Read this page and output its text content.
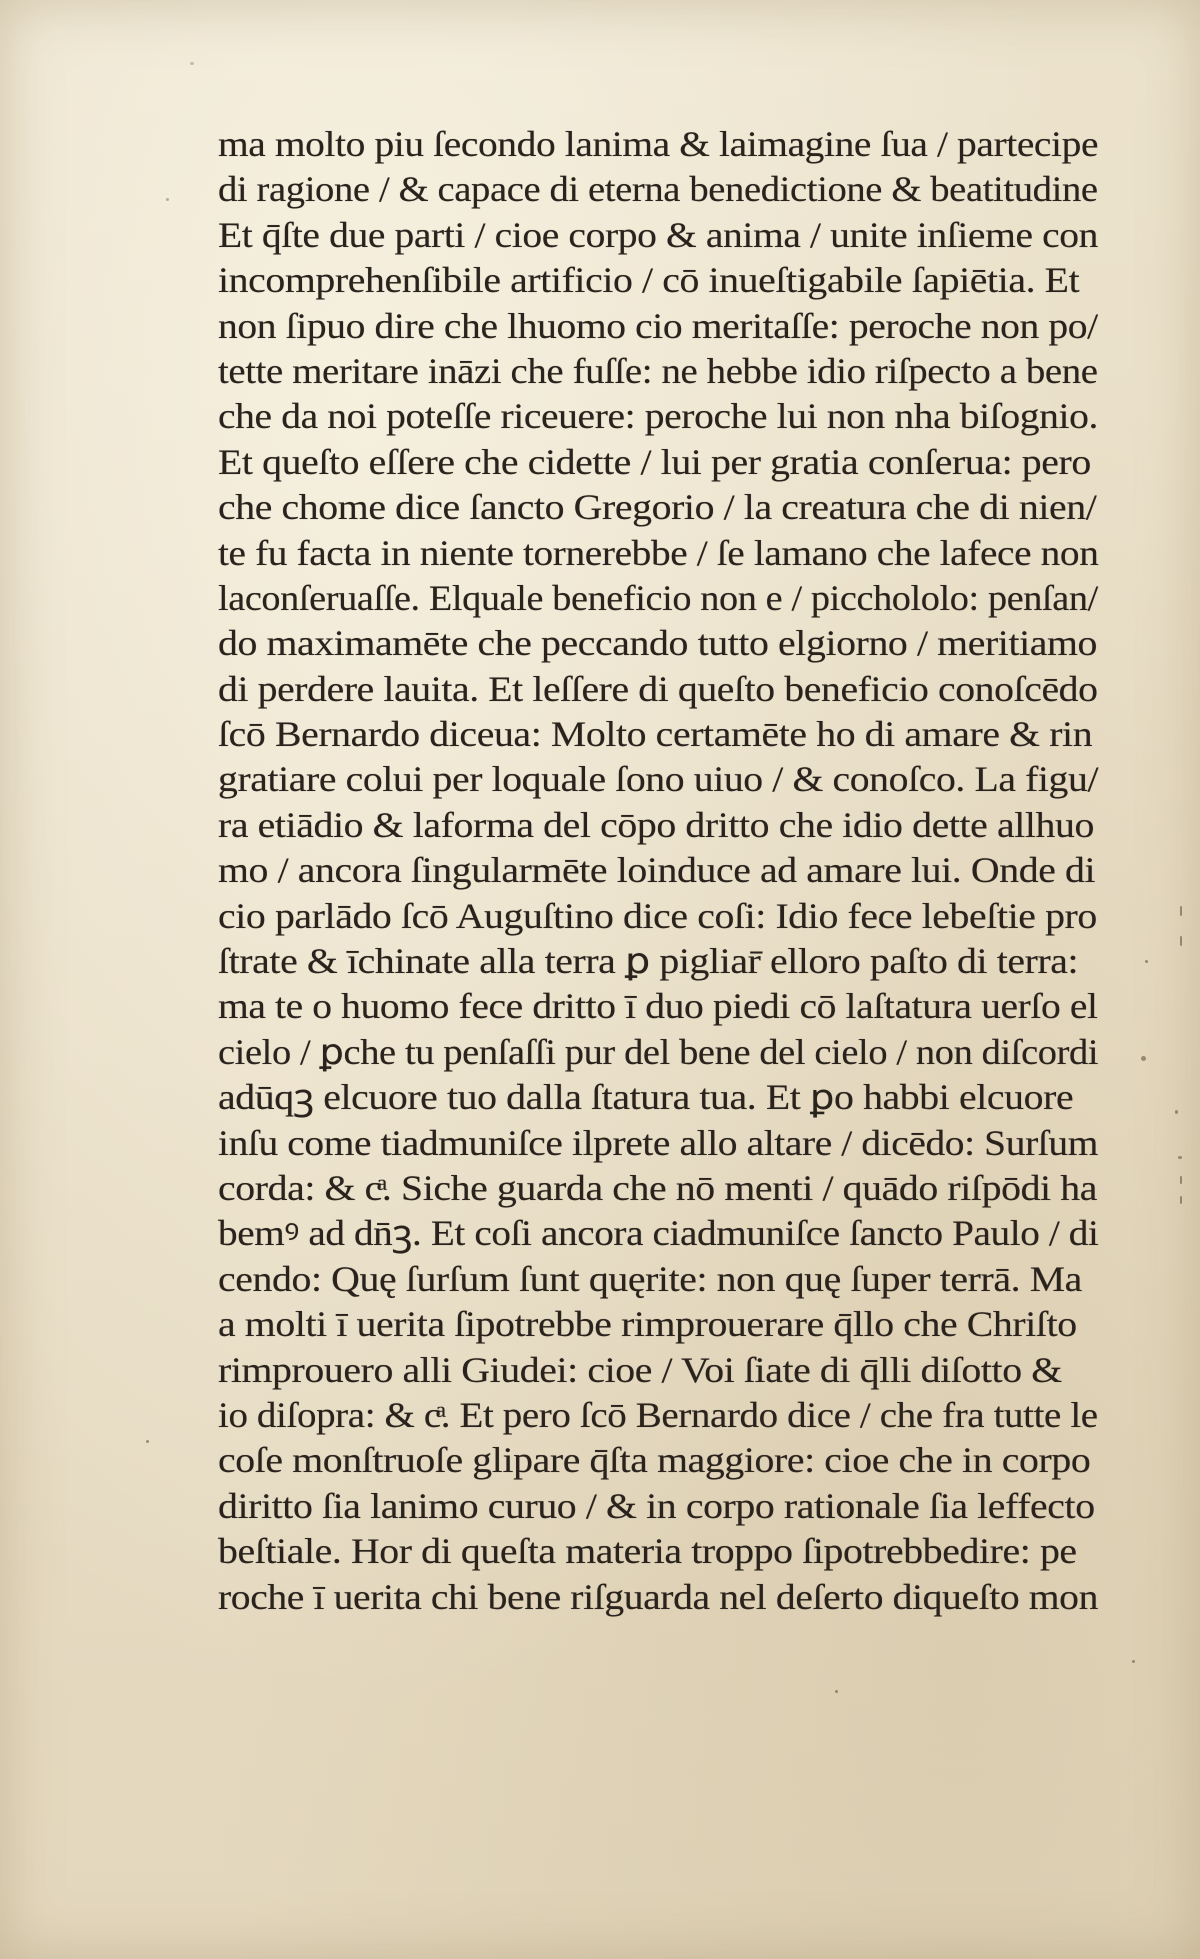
ma molto piu ſecondo lanima & laimagine ſua / partecipe
di ragione / & capace di eterna benedictione & beatitudine
Et q̄ſte due parti / cioe corpo & anima / unite inſieme con
incomprehenſibile artificio / cō inueſtigabile ſapiētia. Et
non ſipuo dire che lhuomo cio meritaſſe: peroche non po/
tette meritare ināzi che fuſſe: ne hebbe idio riſpecto a bene
che da noi poteſſe riceuere: peroche lui non nha biſognio.
Et queſto eſſere che cidette / lui per gratia conſerua: pero
che chome dice ſancto Gregorio / la creatura che di nien/
te fu facta in niente tornerebbe / ſe lamano che lafece non
laconſeruaſſe. Elquale beneficio non e / picchololo: penſan/
do maximamēte che peccando tutto elgiorno / meritiamo
di perdere lauita. Et leſſere di queſto beneficio conoſcēdo
ſcō Bernardo diceua: Molto certamēte ho di amare & rin
gratiare colui per loquale ſono uiuo / & conoſco. La figu/
ra etiādio & laforma del cōpo dritto che idio dette allhuo
mo / ancora ſingularmēte loinduce ad amare lui. Onde di
cio parlādo ſcō Auguſtino dice coſi: Idio fece lebeſtie pro
ſtrate & īchinate alla terra ꝑ pigliar̄ elloro paſto di terra:
ma te o huomo fece dritto ī duo piedi cō laſtatura uerſo el
cielo / ꝑche tu penſaſſi pur del bene del cielo / non diſcordi
adūqꝫ elcuore tuo dalla ſtatura tua. Et ꝑo habbi elcuore
inſu come tiadmuniſce ilprete allo altare / dicēdo: Surſum
corda: & cͣ. Siche guarda che nō menti / quādo riſpōdi ha
bemꝰ ad dn̄ꝫ. Et coſi ancora ciadmuniſce ſancto Paulo / di
cendo: Quę ſurſum ſunt quęrite: non quę ſuper terrā. Ma
a molti ī uerita ſipotrebbe rimprouerare q̄llo che Chriſto
rimprouero alli Giudei: cioe / Voi ſiate di q̄lli diſotto &
io diſopra: & cͣ. Et pero ſcō Bernardo dice / che fra tutte le
coſe monſtruoſe glipare q̄ſta maggiore: cioe che in corpo
diritto ſia lanimo curuo / & in corpo rationale ſia leffecto
beſtiale. Hor di queſta materia troppo ſipotrebbedire: pe
roche ī uerita chi bene riſguarda nel deſerto diqueſto mon
